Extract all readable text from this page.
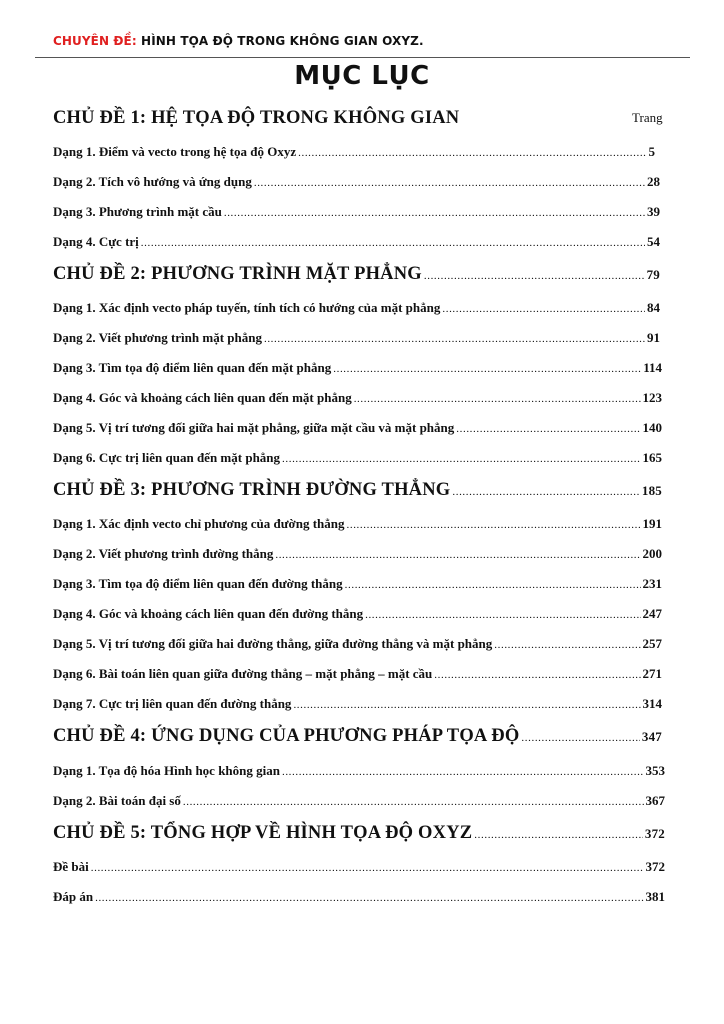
CHUYÊN ĐỀ: HÌNH TỌA ĐỘ TRONG KHÔNG GIAN OXYZ.
MỤC LỤC
Trang
CHỦ ĐỀ 1: HỆ TỌA ĐỘ TRONG KHÔNG GIAN
Dạng 1. Điểm và vecto trong hệ tọa độ Oxyz .....	5
Dạng 2. Tích vô hướng và ứng dụng .....	28
Dạng 3. Phương trình mặt cầu .....	39
Dạng 4. Cực trị .....	54
CHỦ ĐỀ 2: PHƯƠNG TRÌNH MẶT PHẲNG .....	79
Dạng 1. Xác định vecto pháp tuyến, tính tích có hướng của mặt phẳng .....	84
Dạng 2. Viết phương trình mặt phẳng .....	91
Dạng 3. Tìm tọa độ điểm liên quan đến mặt phẳng .....	114
Dạng 4. Góc và khoảng cách liên quan đến mặt phẳng .....	123
Dạng 5. Vị trí tương đối giữa hai mặt phẳng, giữa mặt cầu và mặt phẳng .....	140
Dạng 6. Cực trị liên quan đến mặt phẳng .....	165
CHỦ ĐỀ 3: PHƯƠNG TRÌNH ĐƯỜNG THẲNG .....	185
Dạng 1. Xác định vecto chỉ phương của đường thẳng .....	191
Dạng 2. Viết phương trình đường thẳng .....	200
Dạng 3. Tìm tọa độ điểm liên quan đến đường thẳng .....	231
Dạng 4. Góc và khoảng cách liên quan đến đường thẳng .....	247
Dạng 5. Vị trí tương đối giữa hai đường thẳng, giữa đường thẳng và mặt phẳng .....	257
Dạng 6. Bài toán liên quan giữa đường thẳng – mặt phẳng – mặt cầu .....	271
Dạng 7. Cực trị liên quan đến đường thẳng .....	314
CHỦ ĐỀ 4: ỨNG DỤNG CỦA PHƯƠNG PHÁP TỌA ĐỘ .....	347
Dạng 1. Tọa độ hóa Hình học không gian .....	353
Dạng 2. Bài toán đại số .....	367
CHỦ ĐỀ 5: TỔNG HỢP VỀ HÌNH TỌA ĐỘ OXYZ .....	372
Đề bài .....	372
Đáp án .....	381
